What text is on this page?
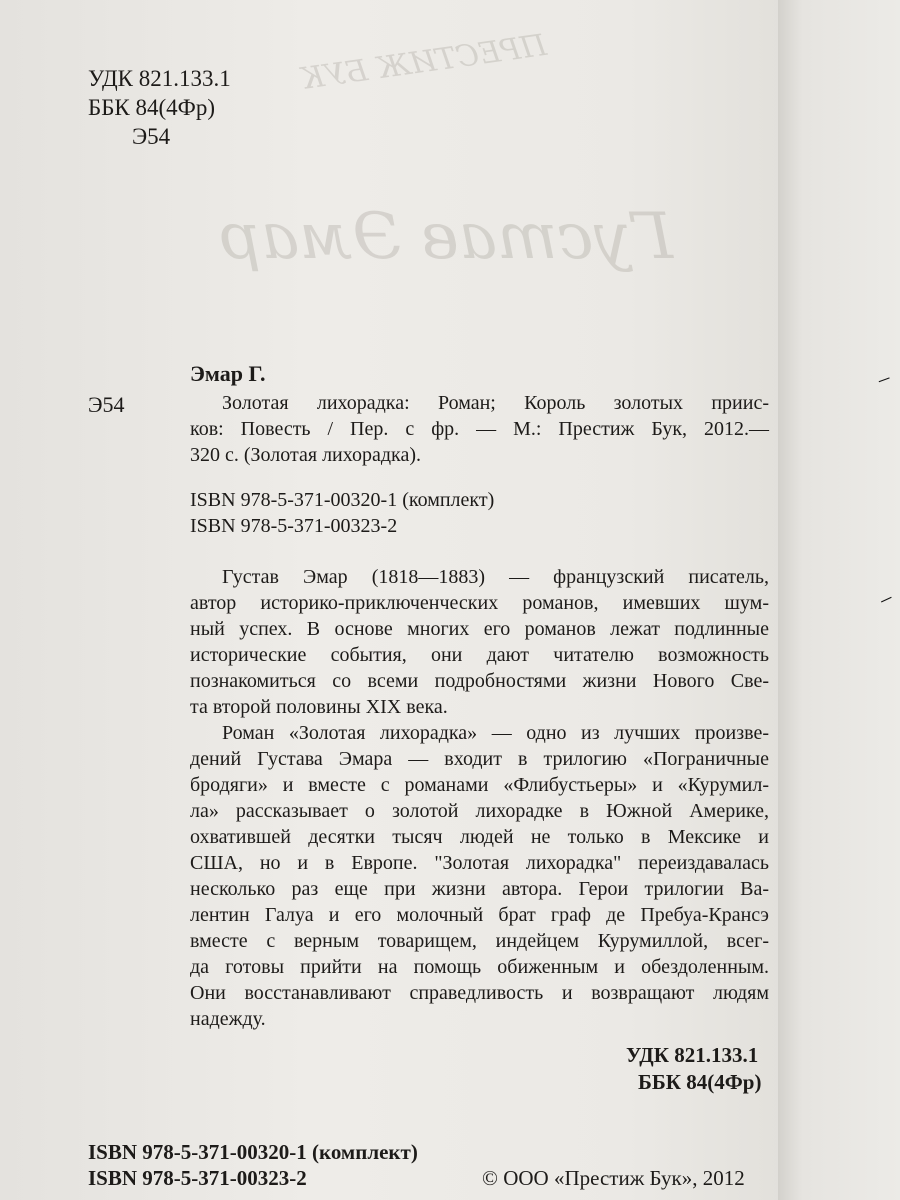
ПРЕСТИЖ БУК
Густав Эмар
УДК 821.133.1
ББК 84(4Фр)
Э54
Эмар Г.
Э54	Золотая лихорадка: Роман; Король золотых приис-
ков: Повесть / Пер. с фр. — М.: Престиж Бук, 2012.—
320 с. (Золотая лихорадка).
ISBN 978-5-371-00320-1 (комплект)
ISBN 978-5-371-00323-2
Густав Эмар (1818—1883) — французский писатель,
автор историко-приключенческих романов, имевших шум-
ный успех. В основе многих его романов лежат подлинные
исторические события, они дают читателю возможность
познакомиться со всеми подробностями жизни Нового Све-
та второй половины XIX века.
Роман «Золотая лихорадка» — одно из лучших произве-
дений Густава Эмара — входит в трилогию «Пограничные
бродяги» и вместе с романами «Флибустьеры» и «Курумил-
ла» рассказывает о золотой лихорадке в Южной Америке,
охватившей десятки тысяч людей не только в Мексике и
США, но и в Европе. "Золотая лихорадка" переиздавалась
несколько раз еще при жизни автора. Герои трилогии Ва-
лентин Галуа и его молочный брат граф де Пребуа-Крансэ
вместе с верным товарищем, индейцем Курумиллой, всег-
да готовы прийти на помощь обиженным и обездоленным.
Они восстанавливают справедливость и возвращают людям
надежду.
УДК 821.133.1
ББК 84(4Фр)
ISBN 978-5-371-00320-1 (комплект)
ISBN 978-5-371-00323-2	© ООО «Престиж Бук», 2012
‒
‒
